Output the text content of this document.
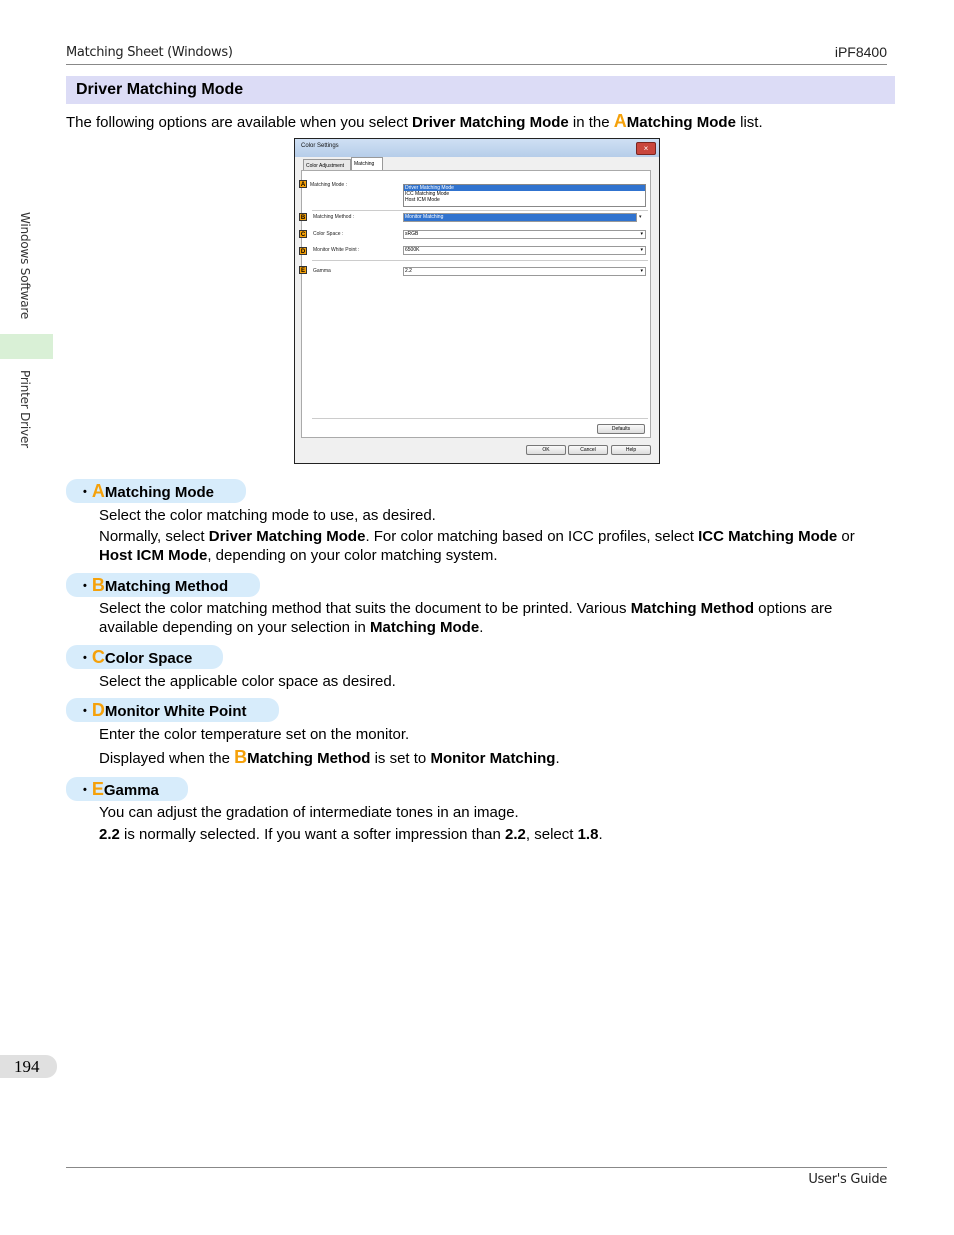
Matching Sheet (Windows)	iPF8400
Windows Software
Printer Driver
Driver Matching Mode
The following options are available when you select Driver Matching Mode in the AMatching Mode list.
Color Settings	×
Color Adjustment	Matching
A Matching Mode :	Driver Matching Mode
ICC Matching Mode
Host ICM Mode
B	Matching Method :	Monitor Matching	▾
C	Color Space :	sRGB	▾
D	Monitor White Point :	6500K	▾
E	Gamma	2.2	▾
Defaults
OK	Cancel	Help
• AMatching Mode
Select the color matching mode to use, as desired.
Normally, select Driver Matching Mode. For color matching based on ICC profiles, select ICC Matching Mode or Host ICM Mode, depending on your color matching system.
• BMatching Method
Select the color matching method that suits the document to be printed. Various Matching Method options are available depending on your selection in Matching Mode.
• CColor Space
Select the applicable color space as desired.
• DMonitor White Point
Enter the color temperature set on the monitor.
Displayed when the BMatching Method is set to Monitor Matching.
• EGamma
You can adjust the gradation of intermediate tones in an image.
2.2 is normally selected. If you want a softer impression than 2.2, select 1.8.
194
User's Guide
